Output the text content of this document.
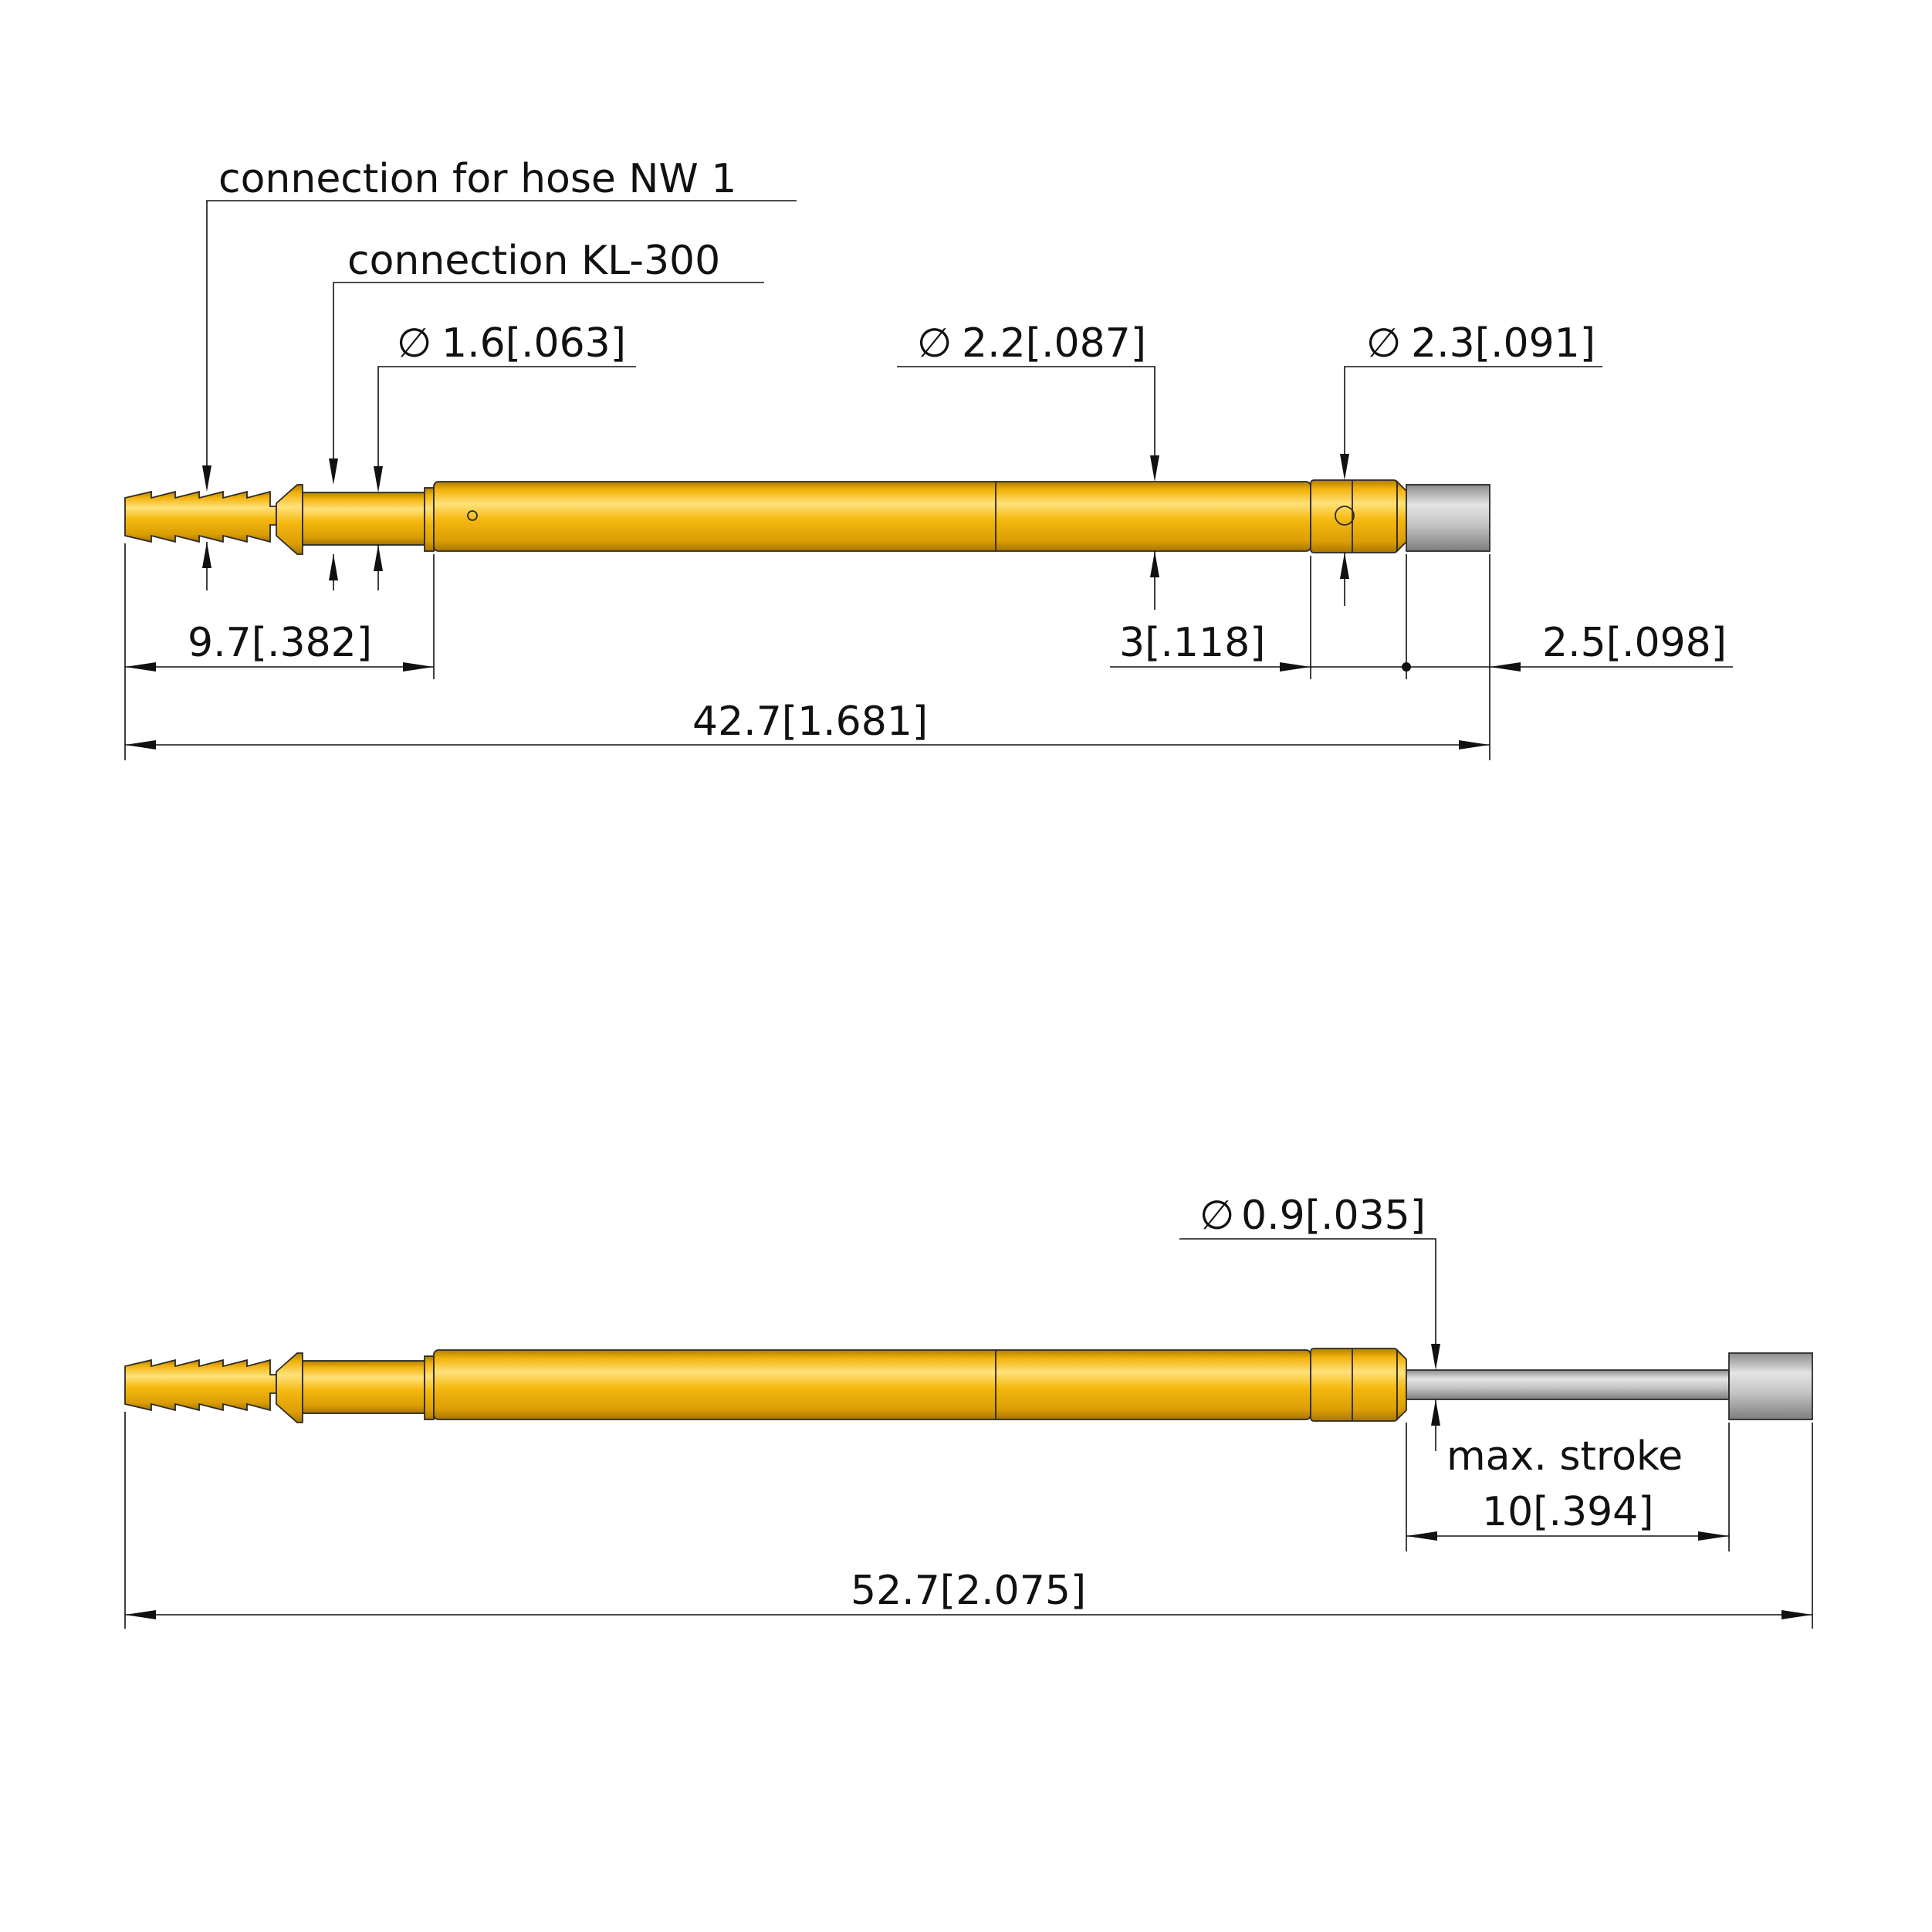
connection for hose NW 1
connection KL-300
∅ 1.6[.063]	∅ 2.2[.087]	∅ 2.3[.091]
9.7[.382]	3[.118]	2.5[.098]
42.7[1.681]
∅ 0.9[.035]
max. stroke
10[.394]
52.7[2.075]
